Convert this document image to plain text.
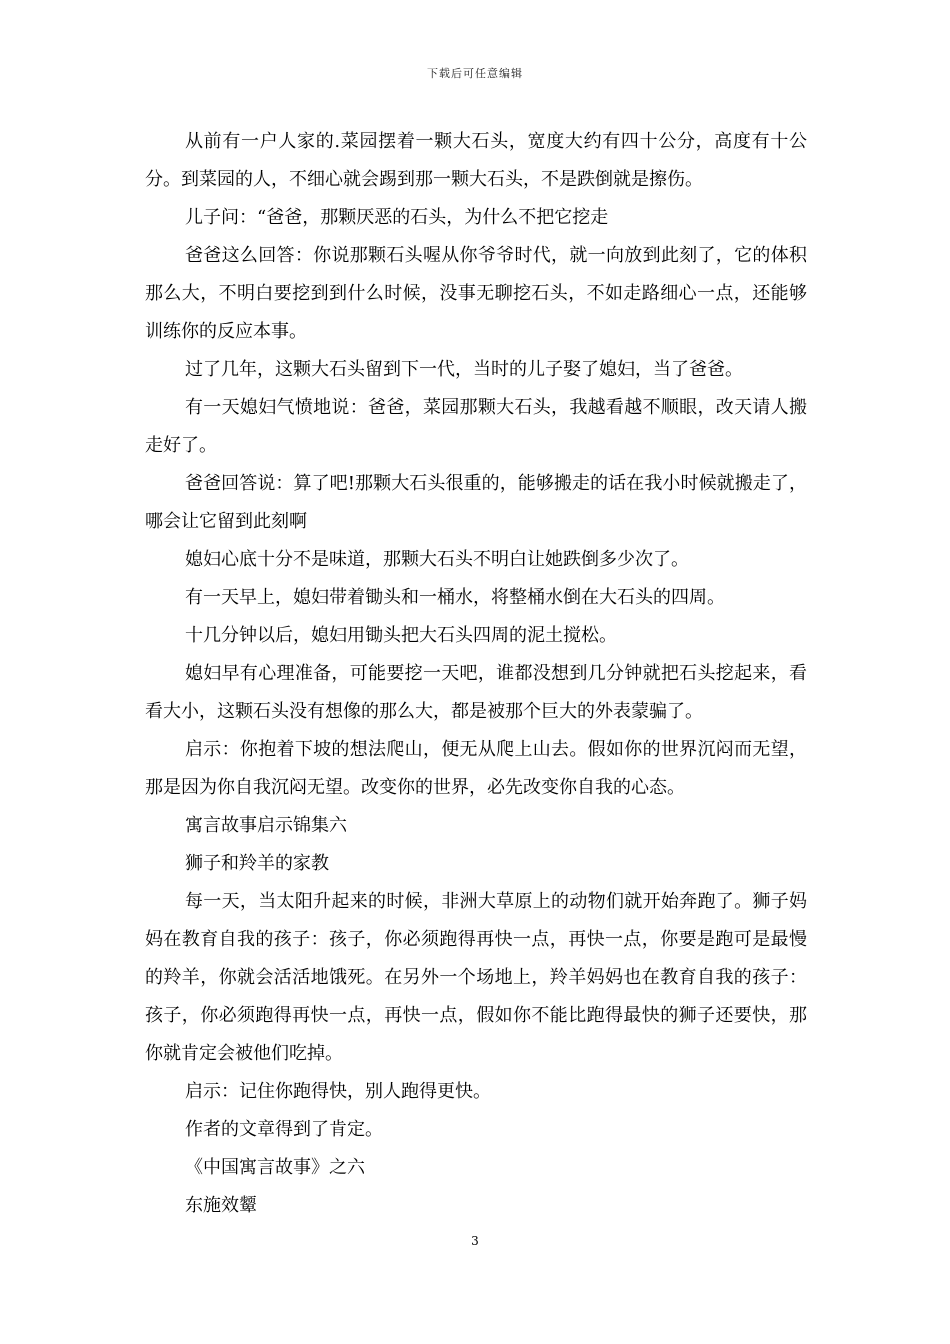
下载后可任意编辑

从前有一户人家的.菜园摆着一颗大石头，宽度大约有四十公分，高度有十公分。到菜园的人，不细心就会踢到那一颗大石头，不是跌倒就是擦伤。

儿子问：“爸爸，那颗厌恶的石头，为什么不把它挖走

爸爸这么回答：你说那颗石头喔从你爷爷时代，就一向放到此刻了，它的体积那么大，不明白要挖到到什么时候，没事无聊挖石头，不如走路细心一点，还能够训练你的反应本事。

过了几年，这颗大石头留到下一代，当时的儿子娶了媳妇，当了爸爸。

有一天媳妇气愤地说：爸爸，菜园那颗大石头，我越看越不顺眼，改天请人搬走好了。

爸爸回答说：算了吧!那颗大石头很重的，能够搬走的话在我小时候就搬走了，哪会让它留到此刻啊

媳妇心底十分不是味道，那颗大石头不明白让她跌倒多少次了。

有一天早上，媳妇带着锄头和一桶水，将整桶水倒在大石头的四周。

十几分钟以后，媳妇用锄头把大石头四周的泥土搅松。

媳妇早有心理准备，可能要挖一天吧，谁都没想到几分钟就把石头挖起来，看看大小，这颗石头没有想像的那么大，都是被那个巨大的外表蒙骗了。

启示：你抱着下坡的想法爬山，便无从爬上山去。假如你的世界沉闷而无望，那是因为你自我沉闷无望。改变你的世界，必先改变你自我的心态。

寓言故事启示锦集六

狮子和羚羊的家教

每一天，当太阳升起来的时候，非洲大草原上的动物们就开始奔跑了。狮子妈妈在教育自我的孩子：孩子，你必须跑得再快一点，再快一点，你要是跑可是最慢的羚羊，你就会活活地饿死。在另外一个场地上，羚羊妈妈也在教育自我的孩子：孩子，你必须跑得再快一点，再快一点，假如你不能比跑得最快的狮子还要快，那你就肯定会被他们吃掉。

启示：记住你跑得快，别人跑得更快。

作者的文章得到了肯定。

《中国寓言故事》之六

东施效颦

3
